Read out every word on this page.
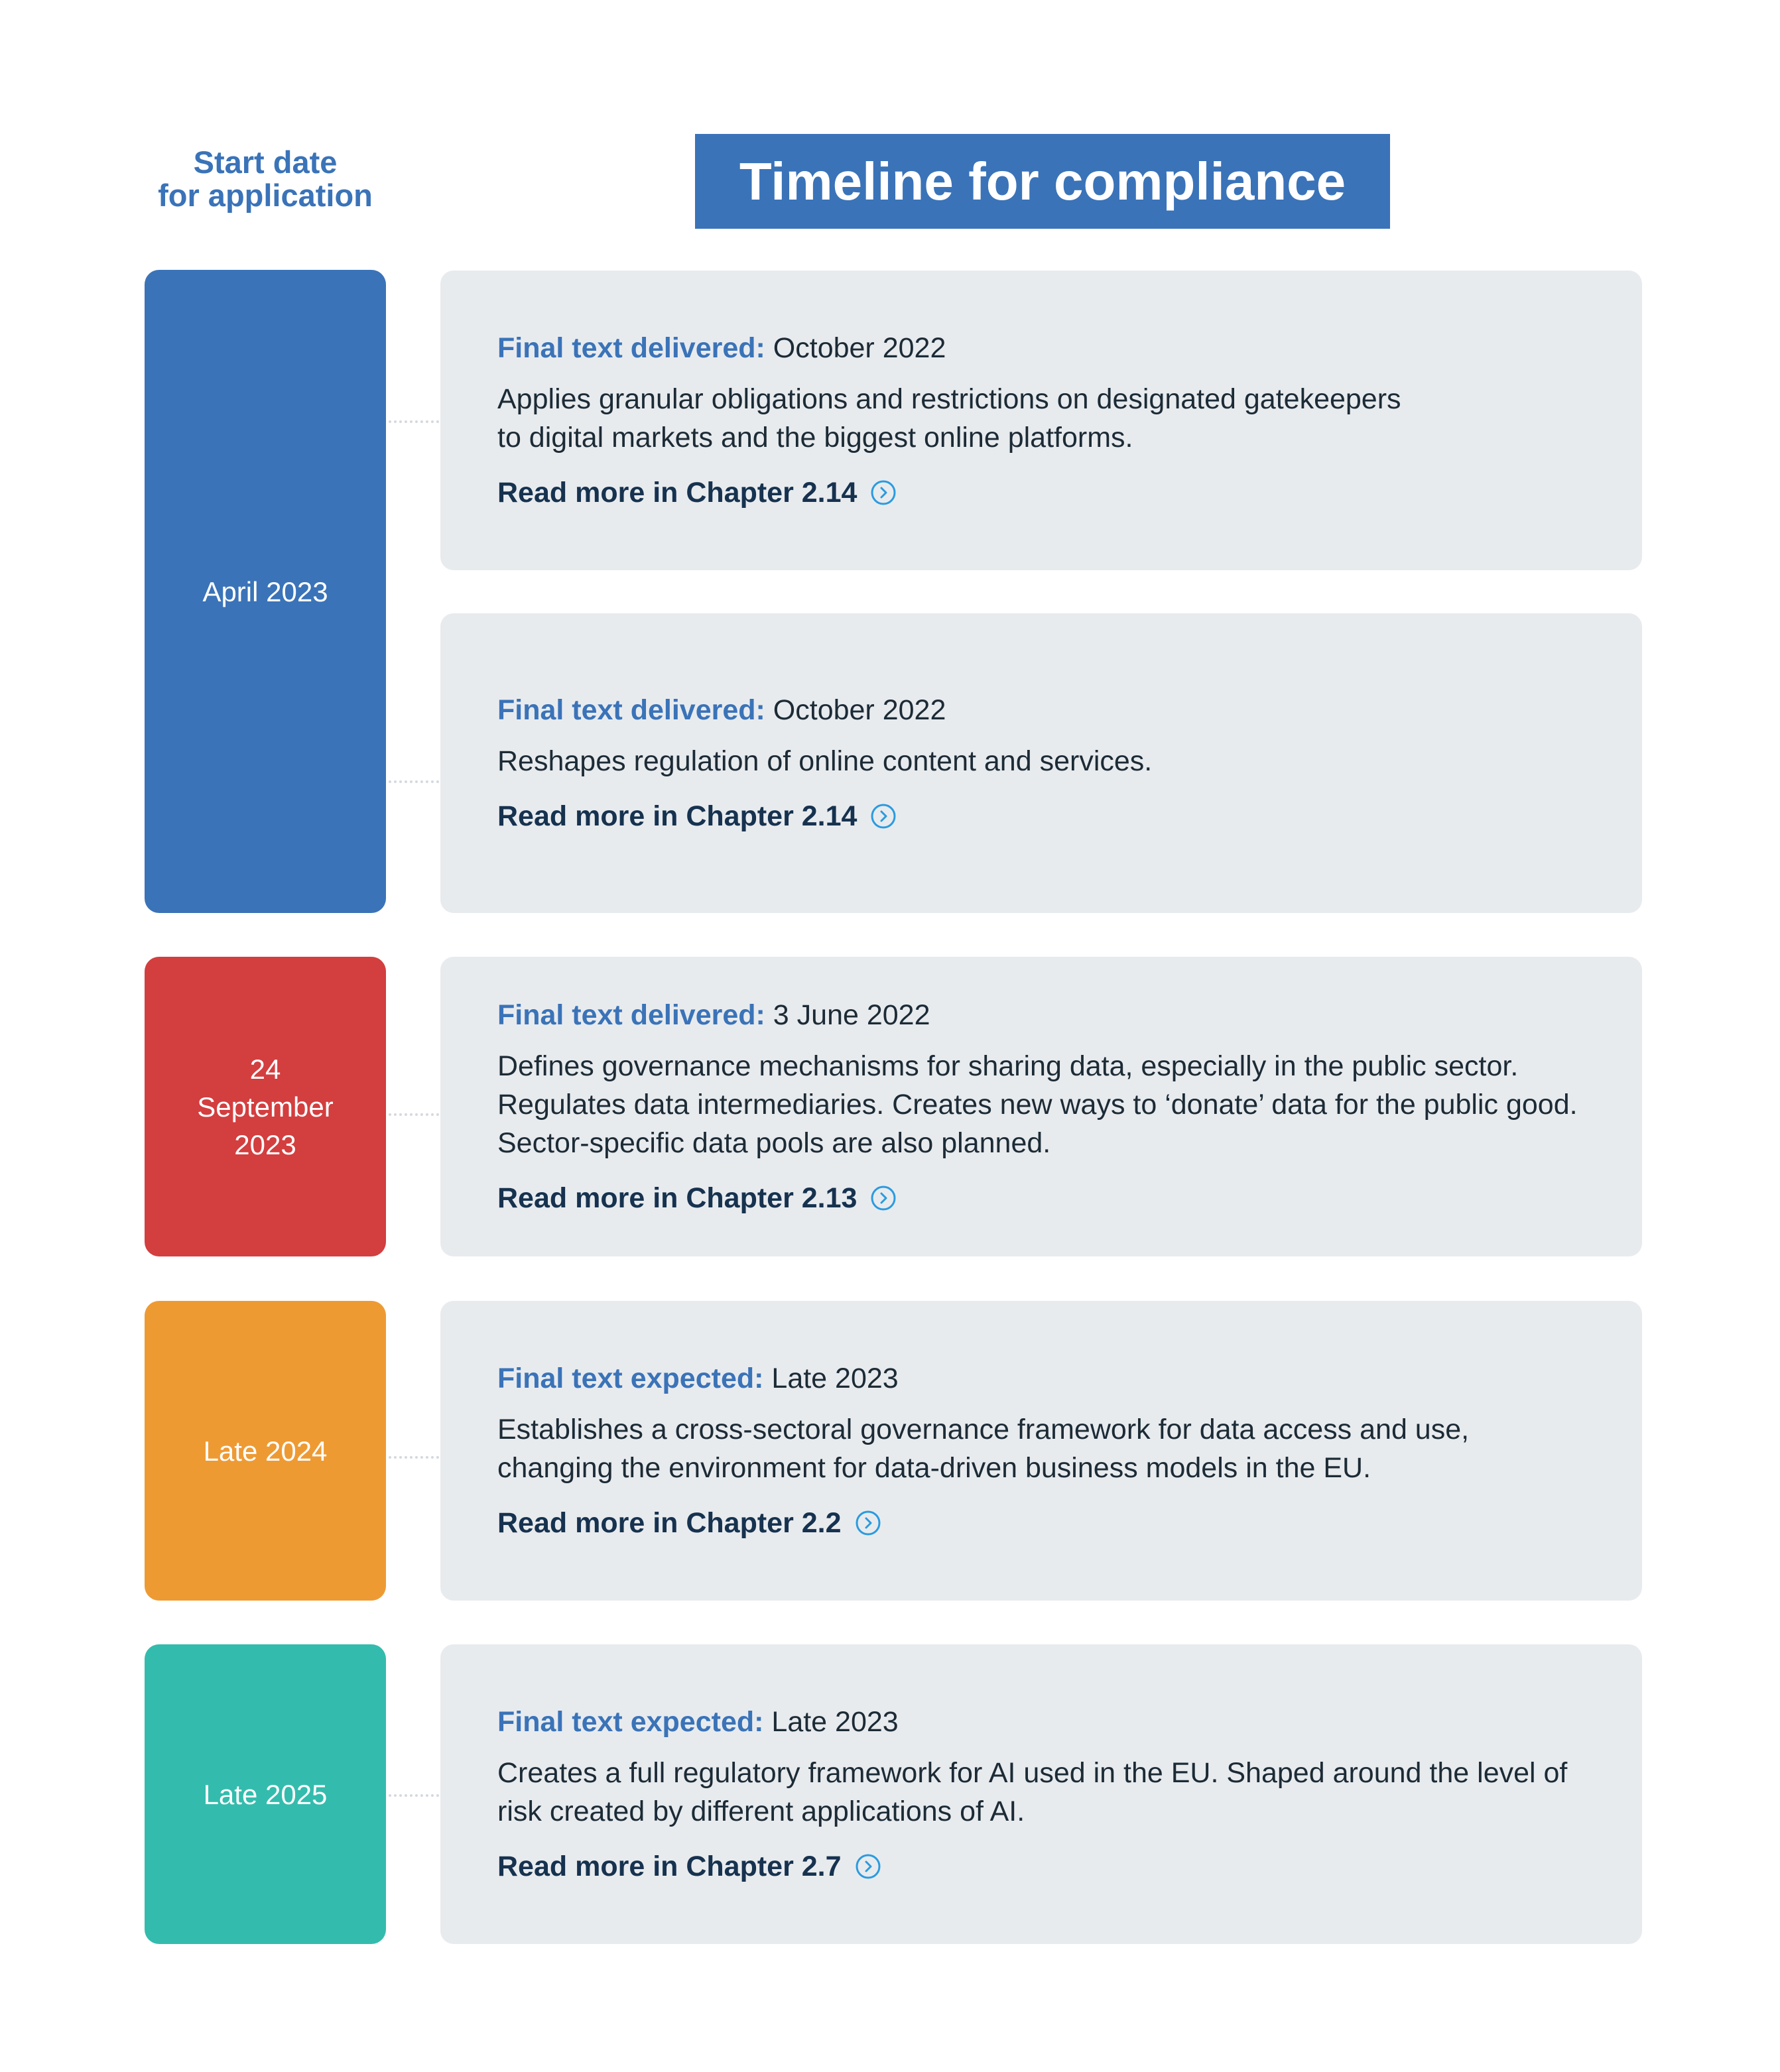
Start date
for application	Timeline for compliance
April 2023
24
September
2023
Late 2024
Late 2025

Final text delivered: October 2022

Applies granular obligations and restrictions on designated gatekeepers
to digital markets and the biggest online platforms.

Read more in Chapter 2.14

Final text delivered: October 2022

Reshapes regulation of online content and services.

Read more in Chapter 2.14

Final text delivered: 3 June 2022

Defines governance mechanisms for sharing data, especially in the public sector.
Regulates data intermediaries. Creates new ways to ‘donate’ data for the public good.
Sector-specific data pools are also planned.

Read more in Chapter 2.13

Final text expected: Late 2023

Establishes a cross-sectoral governance framework for data access and use,
changing the environment for data-driven business models in the EU.

Read more in Chapter 2.2

Final text expected: Late 2023

Creates a full regulatory framework for AI used in the EU. Shaped around the level of
risk created by different applications of AI.

Read more in Chapter 2.7
